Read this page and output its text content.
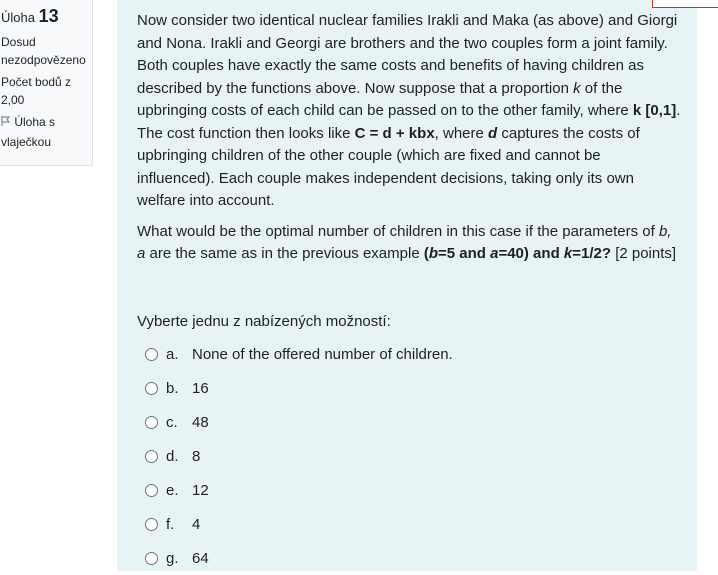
Úloha 13
Dosud
nezodpovězeno
Počet bodů z
2,00
Úloha s
vlaječkou

Now consider two identical nuclear families Irakli and Maka (as above) and Giorgi and Nona. Irakli and Georgi are brothers and the two couples form a joint family. Both couples have exactly the same costs and benefits of having children as described by the functions above. Now suppose that a proportion k of the upbringing costs of each child can be passed on to the other family, where k [0,1]. The cost function then looks like C = d + kbx, where d captures the costs of upbringing children of the other couple (which are fixed and cannot be influenced). Each couple makes independent decisions, taking only its own welfare into account.

What would be the optimal number of children in this case if the parameters of b, a are the same as in the previous example (b=5 and a=40) and k=1/2? [2 points]

Vyberte jednu z nabízených možností:
a. None of the offered number of children.
b. 16
c. 48
d. 8
e. 12
f.	4
g. 64
